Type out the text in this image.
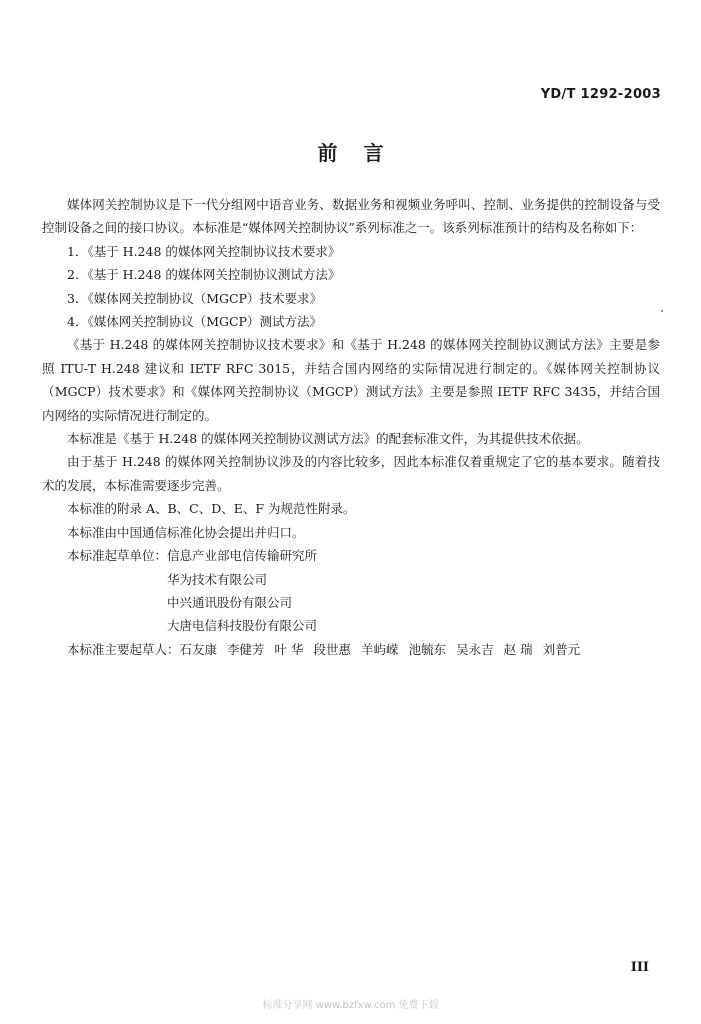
YD/T 1292-2003
前言

媒体网关控制协议是下一代分组网中语音业务、数据业务和视频业务呼叫、控制、业务提供的控制设备与受控制设备之间的接口协议。本标准是“媒体网关控制协议”系列标准之一。该系列标准预计的结构及名称如下：

1．《基于 H.248 的媒体网关控制协议技术要求》

2．《基于 H.248 的媒体网关控制协议测试方法》

3．《媒体网关控制协议（MGCP）技术要求》

4．《媒体网关控制协议（MGCP）测试方法》

《基于 H.248 的媒体网关控制协议技术要求》和《基于 H.248 的媒体网关控制协议测试方法》主要是参照 ITU-T H.248 建议和 IETF RFC 3015，并结合国内网络的实际情况进行制定的。《媒体网关控制协议（MGCP）技术要求》和《媒体网关控制协议（MGCP）测试方法》主要是参照 IETF RFC 3435，并结合国内网络的实际情况进行制定的。

本标准是《基于 H.248 的媒体网关控制协议测试方法》的配套标准文件，为其提供技术依据。

由于基于 H.248 的媒体网关控制协议涉及的内容比较多，因此本标准仅着重规定了它的基本要求。随着技术的发展，本标准需要逐步完善。

本标准的附录 A、B、C、D、E、F 为规范性附录。

本标准由中国通信标准化协会提出并归口。

本标准起草单位： 信息产业部电信传输研究所
华为技术有限公司
中兴通讯股份有限公司
大唐电信科技股份有限公司

本标准主要起草人：石友康 李健芳 叶 华 段世惠 羊屿嵘 池毓东 吴永吉 赵 瑞 刘普元

III
标准分享网 www.bzfxw.com 免费下载
